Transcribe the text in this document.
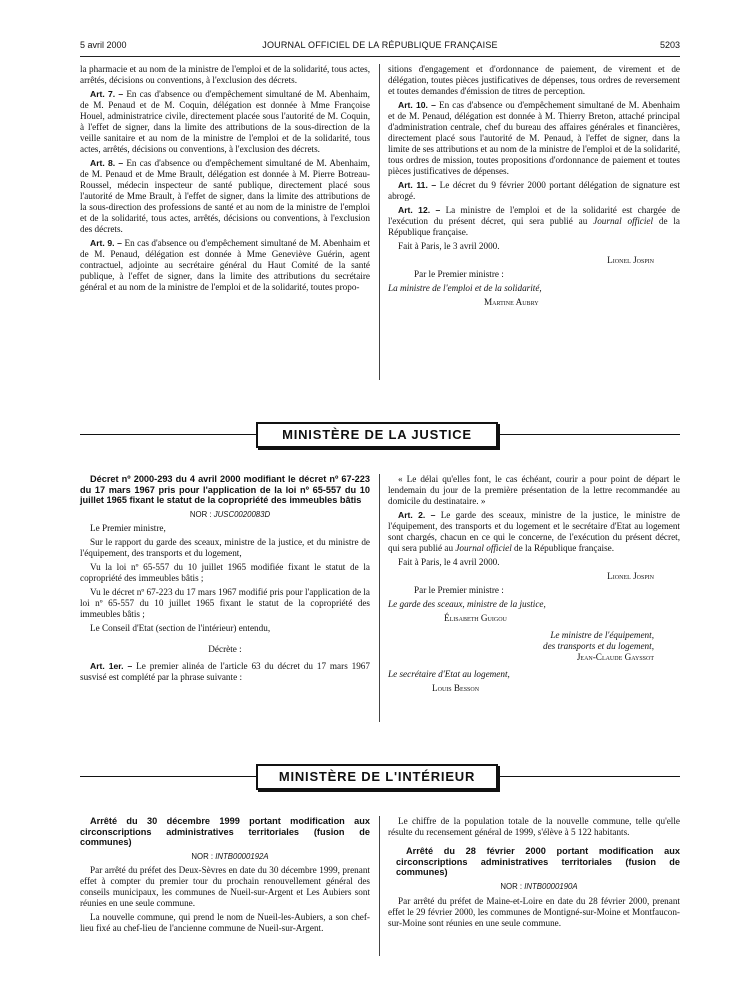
5 avril 2000	JOURNAL OFFICIEL DE LA RÉPUBLIQUE FRANÇAISE	5203

la pharmacie et au nom de la ministre de l'emploi et de la solidarité, tous actes, arrêtés, décisions ou conventions, à l'exclusion des décrets.

Art. 7. – En cas d'absence ou d'empêchement simultané de M. Abenhaim, de M. Penaud et de M. Coquin, délégation est donnée à Mme Françoise Houel, administratrice civile, directement placée sous l'autorité de M. Coquin, à l'effet de signer, dans la limite des attributions de la sous-direction de la veille sanitaire et au nom de la ministre de l'emploi et de la solidarité, tous actes, arrêtés, décisions ou conventions, à l'exclusion des décrets.

Art. 8. – En cas d'absence ou d'empêchement simultané de M. Abenhaim, de M. Penaud et de Mme Brault, délégation est donnée à M. Pierre Botreau-Roussel, médecin inspecteur de santé publique, directement placé sous l'autorité de Mme Brault, à l'effet de signer, dans la limite des attributions de la sous-direction des professions de santé et au nom de la ministre de l'emploi et de la solidarité, tous actes, arrêtés, décisions ou conventions, à l'exclusion des décrets.

Art. 9. – En cas d'absence ou d'empêchement simultané de M. Abenhaim et de M. Penaud, délégation est donnée à Mme Geneviève Guérin, agent contractuel, adjointe au secrétaire général du Haut Comité de la santé publique, à l'effet de signer, dans la limite des attributions du secrétaire général et au nom de la ministre de l'emploi et de la solidarité, toutes propo-

sitions d'engagement et d'ordonnance de paiement, de virement et de délégation, toutes pièces justificatives de dépenses, tous ordres de reversement et toutes demandes d'émission de titres de perception.

Art. 10. – En cas d'absence ou d'empêchement simultané de M. Abenhaim et de M. Penaud, délégation est donnée à M. Thierry Breton, attaché principal d'administration centrale, chef du bureau des affaires générales et financières, directement placé sous l'autorité de M. Penaud, à l'effet de signer, dans la limite de ses attributions et au nom de la ministre de l'emploi et de la solidarité, tous ordres de mission, toutes propositions d'ordonnance de paiement et toutes pièces justificatives de dépenses.

Art. 11. – Le décret du 9 février 2000 portant délégation de signature est abrogé.

Art. 12. – La ministre de l'emploi et de la solidarité est chargée de l'exécution du présent décret, qui sera publié au Journal officiel de la République française.

Fait à Paris, le 3 avril 2000.

Lionel Jospin

Par le Premier ministre :

La ministre de l'emploi et de la solidarité,

Martine Aubry

MINISTÈRE DE LA JUSTICE

Décret nº 2000-293 du 4 avril 2000 modifiant le décret nº 67-223 du 17 mars 1967 pris pour l'application de la loi nº 65-557 du 10 juillet 1965 fixant le statut de la copropriété des immeubles bâtis

NOR : JUSC0020083D

Le Premier ministre,

Sur le rapport du garde des sceaux, ministre de la justice, et du ministre de l'équipement, des transports et du logement,

Vu la loi nº 65-557 du 10 juillet 1965 modifiée fixant le statut de la copropriété des immeubles bâtis ;

Vu le décret nº 67-223 du 17 mars 1967 modifié pris pour l'application de la loi nº 65-557 du 10 juillet 1965 fixant le statut de la copropriété des immeubles bâtis ;

Le Conseil d'Etat (section de l'intérieur) entendu,

Décrète :

Art. 1er. – Le premier alinéa de l'article 63 du décret du 17 mars 1967 susvisé est complété par la phrase suivante :

« Le délai qu'elles font, le cas échéant, courir a pour point de départ le lendemain du jour de la première présentation de la lettre recommandée au domicile du destinataire. »

Art. 2. – Le garde des sceaux, ministre de la justice, le ministre de l'équipement, des transports et du logement et le secrétaire d'Etat au logement sont chargés, chacun en ce qui le concerne, de l'exécution du présent décret, qui sera publié au Journal officiel de la République française.

Fait à Paris, le 4 avril 2000.

Lionel Jospin

Par le Premier ministre :

Le garde des sceaux, ministre de la justice,

Élisabeth Guigou

Le ministre de l'équipement,

des transports et du logement,

Jean-Claude Gayssot

Le secrétaire d'Etat au logement,

Louis Besson

MINISTÈRE DE L'INTÉRIEUR

Arrêté du 30 décembre 1999 portant modification aux circonscriptions administratives territoriales (fusion de communes)

NOR : INTB0000192A

Par arrêté du préfet des Deux-Sèvres en date du 30 décembre 1999, prenant effet à compter du premier tour du prochain renouvellement général des conseils municipaux, les communes de Nueil-sur-Argent et Les Aubiers sont réunies en une seule commune.

La nouvelle commune, qui prend le nom de Nueil-les-Aubiers, a son chef-lieu fixé au chef-lieu de l'ancienne commune de Nueil-sur-Argent.

Le chiffre de la population totale de la nouvelle commune, telle qu'elle résulte du recensement général de 1999, s'élève à 5 122 habitants.

Arrêté du 28 février 2000 portant modification aux circonscriptions administratives territoriales (fusion de communes)

NOR : INTB0000190A

Par arrêté du préfet de Maine-et-Loire en date du 28 février 2000, prenant effet le 29 février 2000, les communes de Montigné-sur-Moine et Montfaucon-sur-Moine sont réunies en une seule commune.
